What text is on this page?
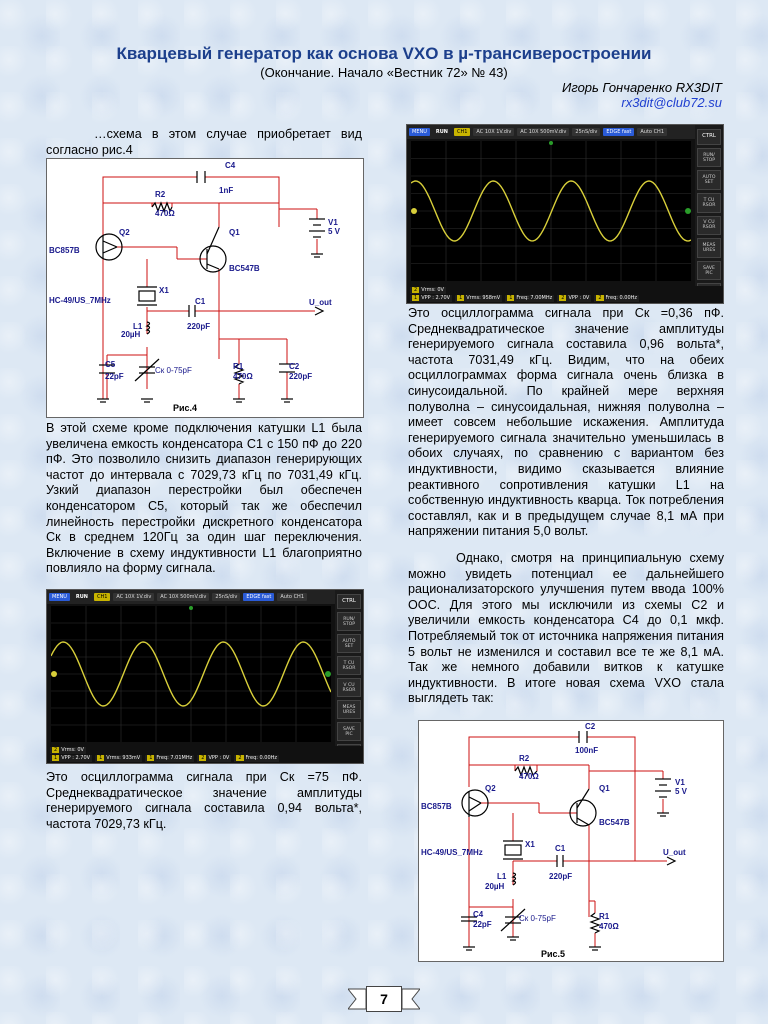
Кварцевый генератор как основа VXO в µ-трансиверостроении
(Окончание. Начало «Вестник 72» № 43)
Игорь Гончаренко RX3DIT
rx3dit@club72.su
…схема в этом случае приобретает вид согласно рис.4
C4
1nF
R2
470Ω
V1
5 V
Q2
BC857B
Q1
BC547B
X1
HC-49/US_7MHz	C1
220pF
U_out
L1
20µH
C5
22pF
Ск 0-75pF	R1
470Ω
C2
220pF
Рис.4
В этой схеме кроме подключения катушки L1 была увеличена емкость конденсатора С1 с 150 пФ до 220 пФ. Это позволило снизить диапазон генерирующих частот до интервала с 7029,73 кГц по 7031,49 кГц. Узкий диапазон перестройки был обеспечен конденсатором С5, который так же обеспечил линейность перестройки дискретного конденсатора Ск в среднем 120Гц за один шаг переключения. Включение в схему индуктивности L1 благоприятно повлияло на форму сигнала.
MENU	RUN	CH1	AC 10X 1V.div	AC 10X 500mV.div	25nS/div	EDGE fast	Auto CH1
CTRL
RUN/ STOP
AUTO SET
T CU RSOR
V CU RSOR
MEAS URES
SAVE PIC
2 Vrms: 0V
1 VPP : 2.70V	1 Vrms: 933mV	1 Freq: 7.01MHz	2 VPP : 0V	2 Freq: 0.00Hz
Это осциллограмма сигнала при Ск =75 пФ. Среднеквадратическое значение амплитуды генерируемого сигнала составила 0,94 вольта*, частота 7029,73 кГц.
MENU	RUN	CH1	AC 10X 1V.div	AC 10X 500mV.div	25nS/div	EDGE fast	Auto CH1
CTRL
RUN/ STOP
AUTO SET
T CU RSOR
V CU RSOR
MEAS URES
SAVE PIC
2 Vrms: 0V
1 VPP : 2.70V	1 Vrms: 958mV	1 Freq: 7.00MHz	2 VPP : 0V	2 Freq: 0.00Hz
Это осциллограмма сигнала при Ск =0,36 пФ. Среднеквадратическое значение амплитуды генерируемого сигнала составила 0,96 вольта*, частота 7031,49 кГц. Видим, что на обеих осциллограммах форма сигнала очень близка в синусоидальной. По крайней мере верхняя полуволна – синусоидальная, нижняя полуволна – имеет совсем небольшие искажения. Амплитуда генерируемого сигнала значительно уменьшилась в обоих случаях, по сравнению с вариантом без индуктивности, видимо сказывается влияние реактивного сопротивления катушки L1 на собственную индуктивность кварца. Ток потребления составлял, как и в предыдущем случае 8,1 мА при напряжении питания 5,0 вольт.
Однако, смотря на принципиальную схему можно увидеть потенциал ее дальнейшего рационализаторского улучшения путем ввода 100% ООС. Для этого мы исключили из схемы С2 и увеличили емкость конденсатора С4 до 0,1 мкф. Потребляемый ток от источника напряжения питания 5 вольт не изменился и составил все те же 8,1 мА. Так же немного добавили витков к катушке индуктивности. В итоге новая схема VXO стала выглядеть так:
C2
100nF
R2
470Ω
V1
5 V
Q2
BC857B
Q1
BC547B
X1
HC-49/US_7MHz	C1
220pF
U_out
L1
20µH
C4
22pF
Ск 0-75pF	R1
470Ω
Рис.5
7
